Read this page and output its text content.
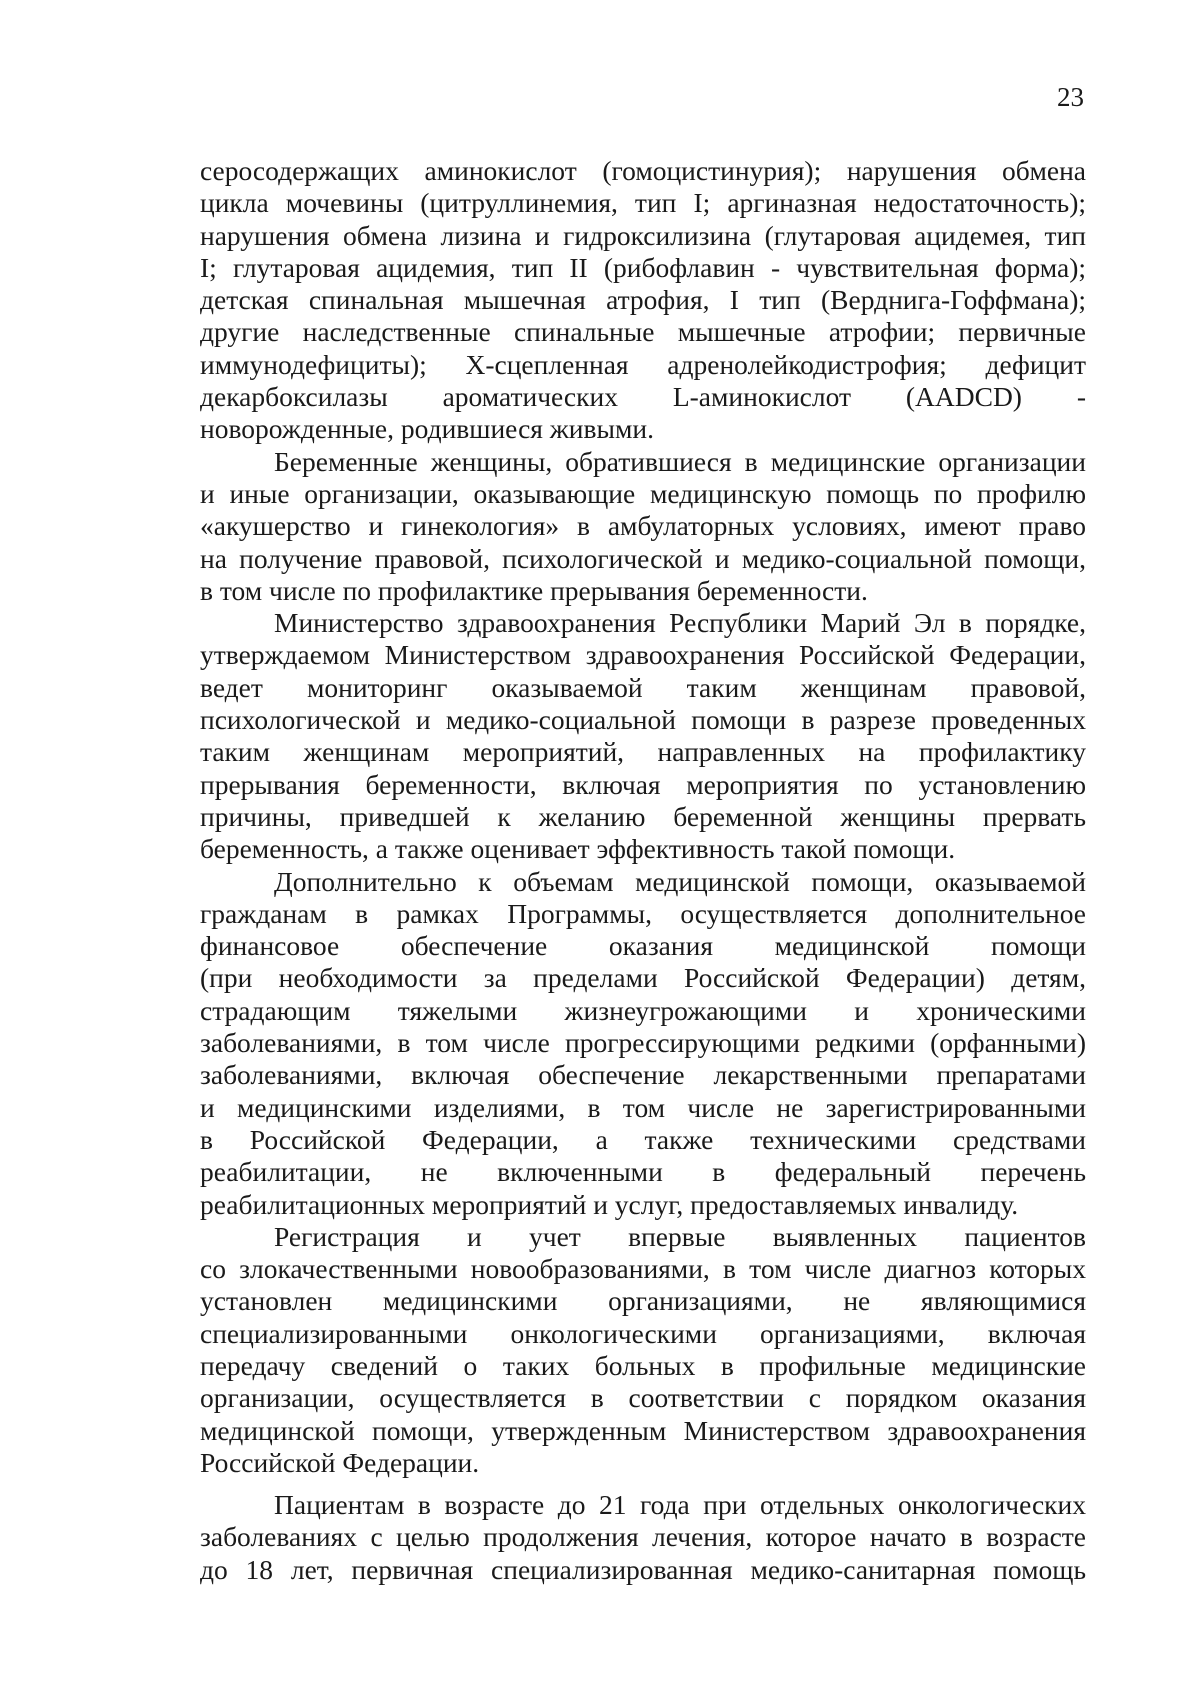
23
серосодержащих аминокислот (гомоцистинурия); нарушения обмена
цикла мочевины (цитруллинемия, тип I; аргиназная недостаточность);
нарушения обмена лизина и гидроксилизина (глутаровая ацидемея, тип
I; глутаровая ацидемия, тип II (рибофлавин - чувствительная форма);
детская спинальная мышечная атрофия, I тип (Верднига-Гоффмана);
другие наследственные спинальные мышечные атрофии; первичные
иммунодефициты); Х-сцепленная адренолейкодистрофия; дефицит
декарбоксилазы ароматических L-аминокислот (AADCD) -
новорожденные, родившиеся живыми.
Беременные женщины, обратившиеся в медицинские организации
и иные организации, оказывающие медицинскую помощь по профилю
«акушерство и гинекология» в амбулаторных условиях, имеют право
на получение правовой, психологической и медико-социальной помощи,
в том числе по профилактике прерывания беременности.
Министерство здравоохранения Республики Марий Эл в порядке,
утверждаемом Министерством здравоохранения Российской Федерации,
ведет мониторинг оказываемой таким женщинам правовой,
психологической и медико-социальной помощи в разрезе проведенных
таким женщинам мероприятий, направленных на профилактику
прерывания беременности, включая мероприятия по установлению
причины, приведшей к желанию беременной женщины прервать
беременность, а также оценивает эффективность такой помощи.
Дополнительно к объемам медицинской помощи, оказываемой
гражданам в рамках Программы, осуществляется дополнительное
финансовое обеспечение оказания медицинской помощи
(при необходимости за пределами Российской Федерации) детям,
страдающим тяжелыми жизнеугрожающими и хроническими
заболеваниями, в том числе прогрессирующими редкими (орфанными)
заболеваниями, включая обеспечение лекарственными препаратами
и медицинскими изделиями, в том числе не зарегистрированными
в Российской Федерации, а также техническими средствами
реабилитации, не включенными в федеральный перечень
реабилитационных мероприятий и услуг, предоставляемых инвалиду.
Регистрация и учет впервые выявленных пациентов
со злокачественными новообразованиями, в том числе диагноз которых
установлен медицинскими организациями, не являющимися
специализированными онкологическими организациями, включая
передачу сведений о таких больных в профильные медицинские
организации, осуществляется в соответствии с порядком оказания
медицинской помощи, утвержденным Министерством здравоохранения
Российской Федерации.
Пациентам в возрасте до 21 года при отдельных онкологических
заболеваниях с целью продолжения лечения, которое начато в возрасте
до 18 лет, первичная специализированная медико-санитарная помощь
